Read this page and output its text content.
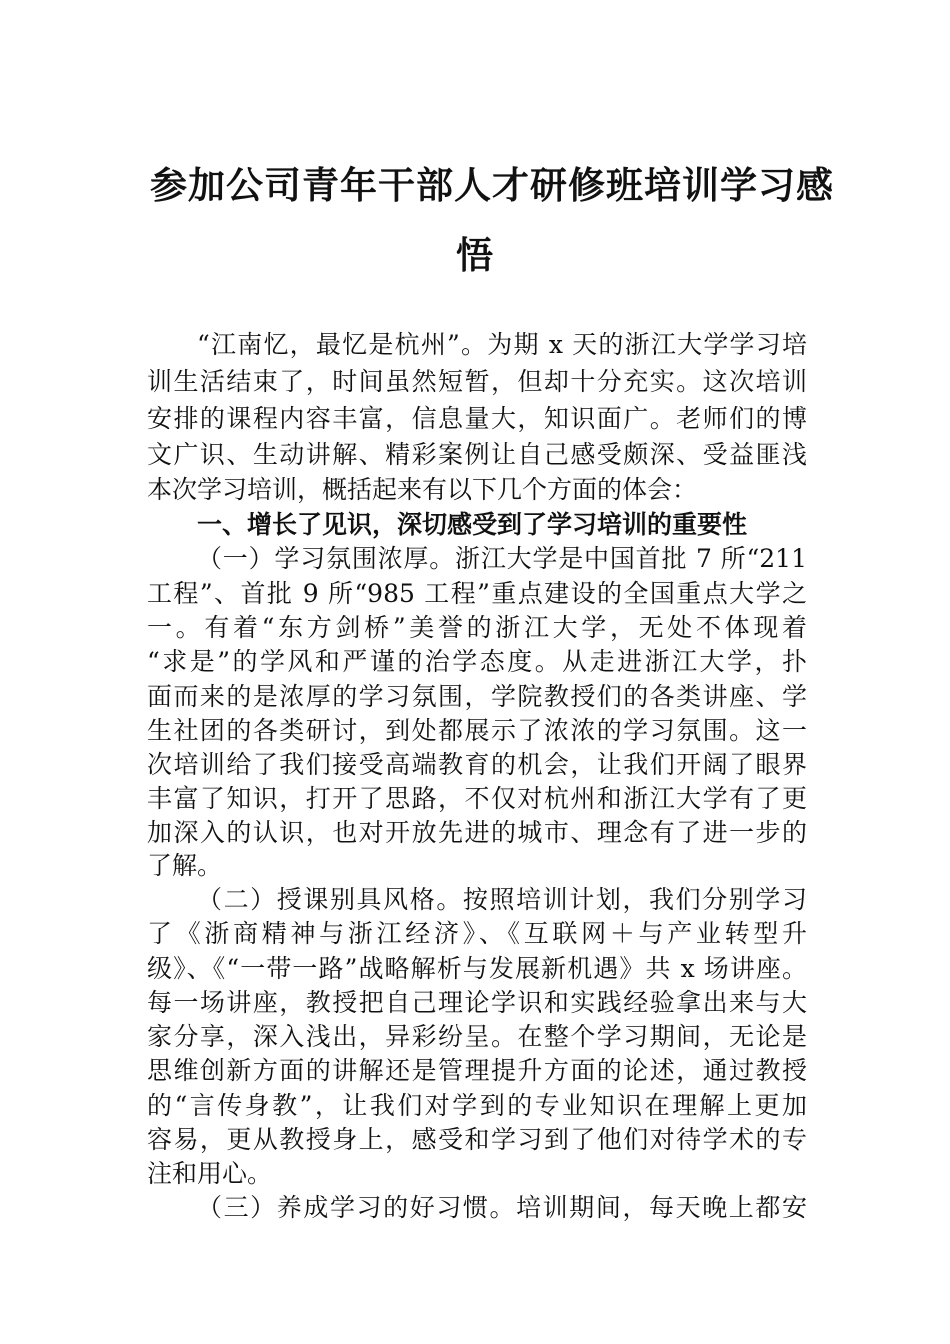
参加公司青年干部人才研修班培训学习感
悟
“江南忆，最忆是杭州”。为期 x 天的浙江大学学习培
训生活结束了，时间虽然短暂，但却十分充实。这次培训
安排的课程内容丰富，信息量大，知识面广。老师们的博
文广识、生动讲解、精彩案例让自己感受颇深、受益匪浅
本次学习培训，概括起来有以下几个方面的体会：
一、增长了见识，深切感受到了学习培训的重要性
（一）学习氛围浓厚。浙江大学是中国首批 7 所“211
工程”、首批 9 所“985 工程”重点建设的全国重点大学之
一。有着“东方剑桥”美誉的浙江大学，无处不体现着
“求是”的学风和严谨的治学态度。从走进浙江大学，扑
面而来的是浓厚的学习氛围，学院教授们的各类讲座、学
生社团的各类研讨，到处都展示了浓浓的学习氛围。这一
次培训给了我们接受高端教育的机会，让我们开阔了眼界
丰富了知识，打开了思路，不仅对杭州和浙江大学有了更
加深入的认识，也对开放先进的城市、理念有了进一步的
了解。
（二）授课别具风格。按照培训计划，我们分别学习
了《浙商精神与浙江经济》、《互联网＋与产业转型升
级》、《“一带一路”战略解析与发展新机遇》共 x 场讲座。
每一场讲座，教授把自己理论学识和实践经验拿出来与大
家分享，深入浅出，异彩纷呈。在整个学习期间，无论是
思维创新方面的讲解还是管理提升方面的论述，通过教授
的“言传身教”，让我们对学到的专业知识在理解上更加
容易，更从教授身上，感受和学习到了他们对待学术的专
注和用心。
（三）养成学习的好习惯。培训期间，每天晚上都安
